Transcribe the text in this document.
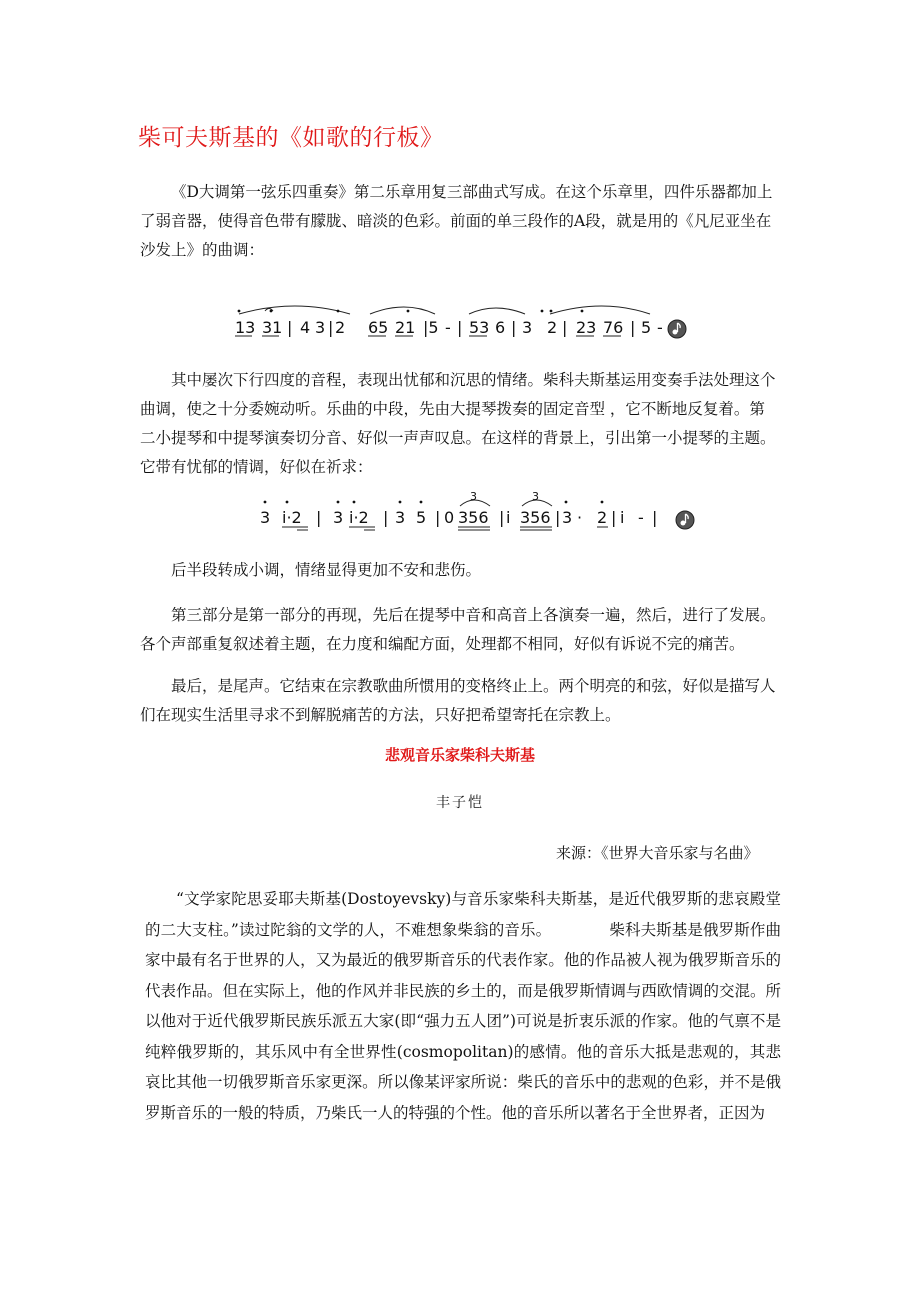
柴可夫斯基的《如歌的行板》

《D大调第一弦乐四重奏》第二乐章用复三部曲式写成。在这个乐章里，四件乐器都加上了弱音器，使得音色带有朦胧、暗淡的色彩。前面的单三段作的A段，就是用的《凡尼亚坐在沙发上》的曲调：

13 31 | 4 3 | 2 65 21 |5 - | 53 6 | 3 2 | 23 76 | 5 -

其中屡次下行四度的音程，表现出忧郁和沉思的情绪。柴科夫斯基运用变奏手法处理这个曲调，使之十分委婉动听。乐曲的中段，先由大提琴拨奏的固定音型 ，它不断地反复着。第二小提琴和中提琴演奏切分音、好似一声声叹息。在这样的背景上，引出第一小提琴的主题。它带有忧郁的情调，好似在祈求：

3 i·2 | 3 i·2 | 3 5 | 0 356
3
| i 356
3
| 3 · 2 | i - |

后半段转成小调，情绪显得更加不安和悲伤。

第三部分是第一部分的再现，先后在提琴中音和高音上各演奏一遍，然后，进行了发展。各个声部重复叙述着主题，在力度和编配方面，处理都不相同，好似有诉说不完的痛苦。

最后，是尾声。它结束在宗教歌曲所惯用的变格终止上。两个明亮的和弦，好似是描写人们在现实生活里寻求不到解脱痛苦的方法，只好把希望寄托在宗教上。

悲观音乐家柴科夫斯基
丰子恺
来源：《世界大音乐家与名曲》

“文学家陀思妥耶夫斯基(Dostoyevsky)与音乐家柴科夫斯基，是近代俄罗斯的悲哀殿堂的二大支柱。”读过陀翁的文学的人，不难想象柴翁的音乐。	柴科夫斯基是俄罗斯作曲家中最有名于世界的人，又为最近的俄罗斯音乐的代表作家。他的作品被人视为俄罗斯音乐的代表作品。但在实际上，他的作风并非民族的乡土的，而是俄罗斯情调与西欧情调的交混。所以他对于近代俄罗斯民族乐派五大家(即“强力五人团”)可说是折衷乐派的作家。他的气禀不是纯粹俄罗斯的，其乐风中有全世界性(cosmopolitan)的感情。他的音乐大抵是悲观的，其悲哀比其他一切俄罗斯音乐家更深。所以像某评家所说：柴氏的音乐中的悲观的色彩，并不是俄罗斯音乐的一般的特质，乃柴氏一人的特强的个性。他的音乐所以著名于全世界者，正因为
